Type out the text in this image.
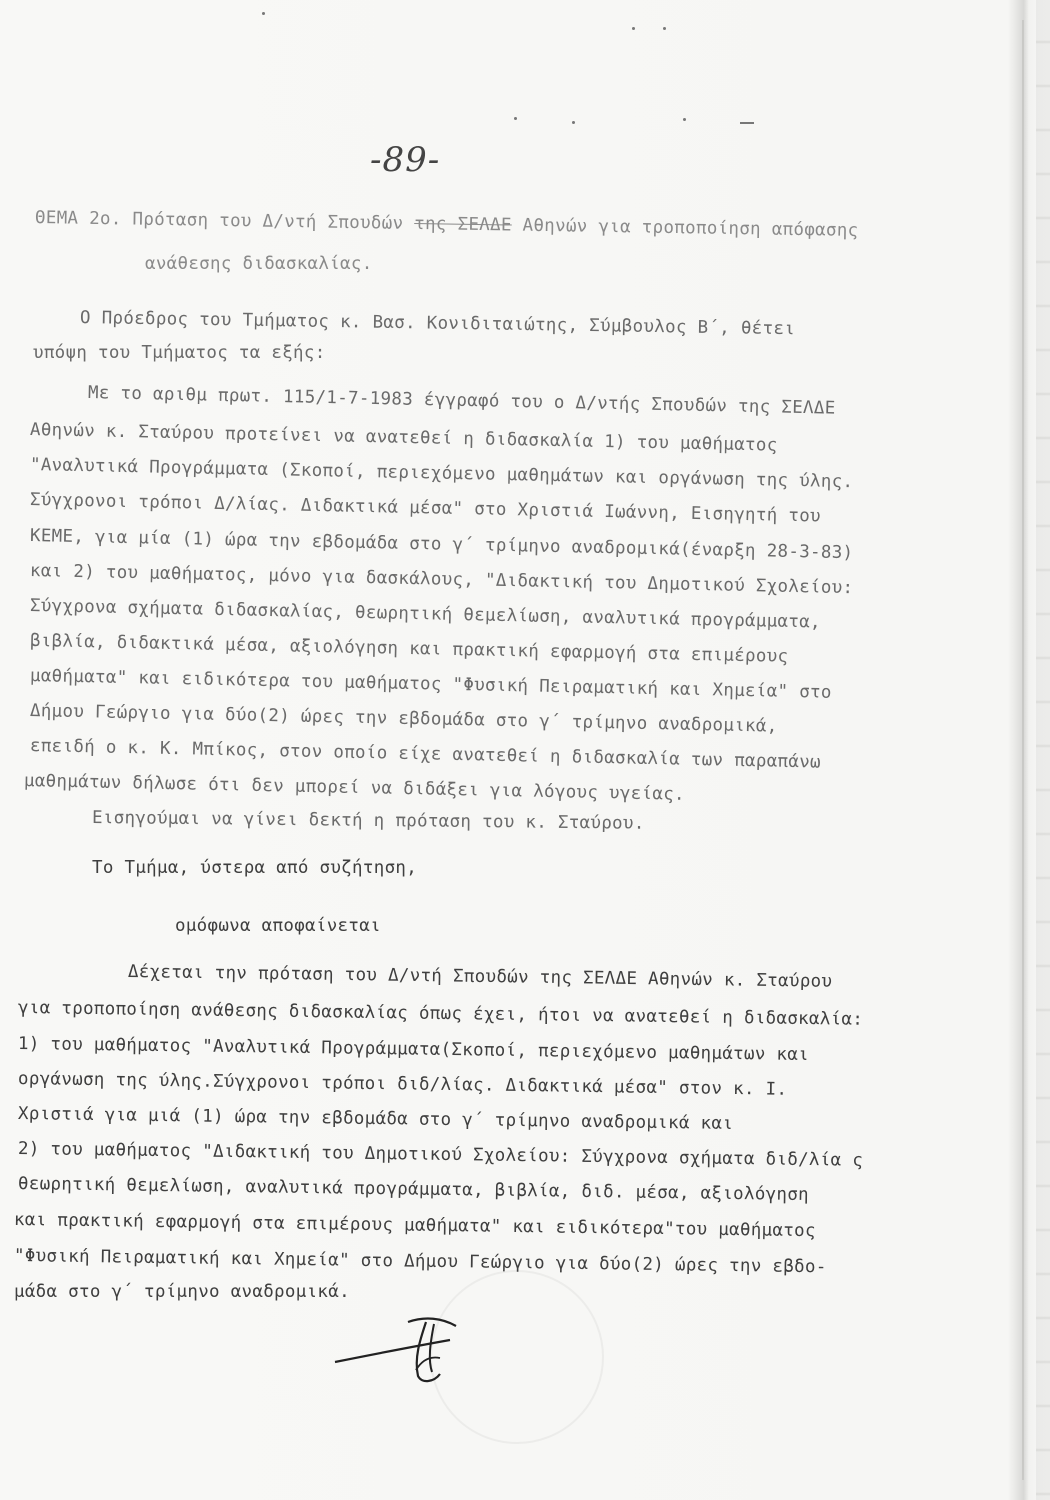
-89-
ΘΕΜΑ 2ο. Πρόταση του Δ/ντή Σπουδών της ΣΕΛΔΕ Αθηνών για τροποποίηση απόφασης
ανάθεσης διδασκαλίας.
Ο Πρόεδρος του Τμήματος κ. Βασ. Κονιδιταιώτης, Σύμβουλος Β΄, θέτει
υπόψη του Τμήματος τα εξής:
Με το αριθμ πρωτ. 115/1-7-1983 έγγραφό του ο Δ/ντής Σπουδών της ΣΕΛΔΕ
Αθηνών κ. Σταύρου προτείνει να ανατεθεί η διδασκαλία 1) του μαθήματος
"Αναλυτικά Προγράμματα (Σκοποί, περιεχόμενο μαθημάτων και οργάνωση της ύλης.
Σύγχρονοι τρόποι Δ/λίας. Διδακτικά μέσα" στο Χριστιά Ιωάννη, Εισηγητή του
ΚΕΜΕ, για μία (1) ώρα την εβδομάδα στο γ΄ τρίμηνο αναδρομικά(έναρξη 28-3-83)
και 2) του μαθήματος, μόνο για δασκάλους, "Διδακτική του Δημοτικού Σχολείου:
Σύγχρονα σχήματα διδασκαλίας, θεωρητική θεμελίωση, αναλυτικά προγράμματα,
βιβλία, διδακτικά μέσα, αξιολόγηση και πρακτική εφαρμογή στα επιμέρους
μαθήματα" και ειδικότερα του μαθήματος "Φυσική Πειραματική και Χημεία" στο
Δήμου Γεώργιο για δύο(2) ώρες την εβδομάδα στο γ΄ τρίμηνο αναδρομικά,
επειδή ο κ. Κ. Μπίκος, στον οποίο είχε ανατεθεί η διδασκαλία των παραπάνω
μαθημάτων δήλωσε ότι δεν μπορεί να διδάξει για λόγους υγείας.
Εισηγούμαι να γίνει δεκτή η πρόταση του κ. Σταύρου.
Το Τμήμα, ύστερα από συζήτηση,
ομόφωνα αποφαίνεται
Δέχεται την πρόταση του Δ/ντή Σπουδών της ΣΕΛΔΕ Αθηνών κ. Σταύρου
για τροποποίηση ανάθεσης διδασκαλίας όπως έχει, ήτοι να ανατεθεί η διδασκαλία:
1) του μαθήματος "Αναλυτικά Προγράμματα(Σκοποί, περιεχόμενο μαθημάτων και
οργάνωση της ύλης.Σύγχρονοι τρόποι διδ/λίας. Διδακτικά μέσα" στον κ. Ι.
Χριστιά για μιά (1) ώρα την εβδομάδα στο γ΄ τρίμηνο αναδρομικά και
2) του μαθήματος "Διδακτική του Δημοτικού Σχολείου: Σύγχρονα σχήματα διδ/λία ς
θεωρητική θεμελίωση, αναλυτικά προγράμματα, βιβλία, διδ. μέσα, αξιολόγηση
και πρακτική εφαρμογή στα επιμέρους μαθήματα" και ειδικότερα"του μαθήματος
"Φυσική Πειραματική και Χημεία" στο Δήμου Γεώργιο για δύο(2) ώρες την εβδο-
μάδα στο γ΄ τρίμηνο αναδρομικά.
